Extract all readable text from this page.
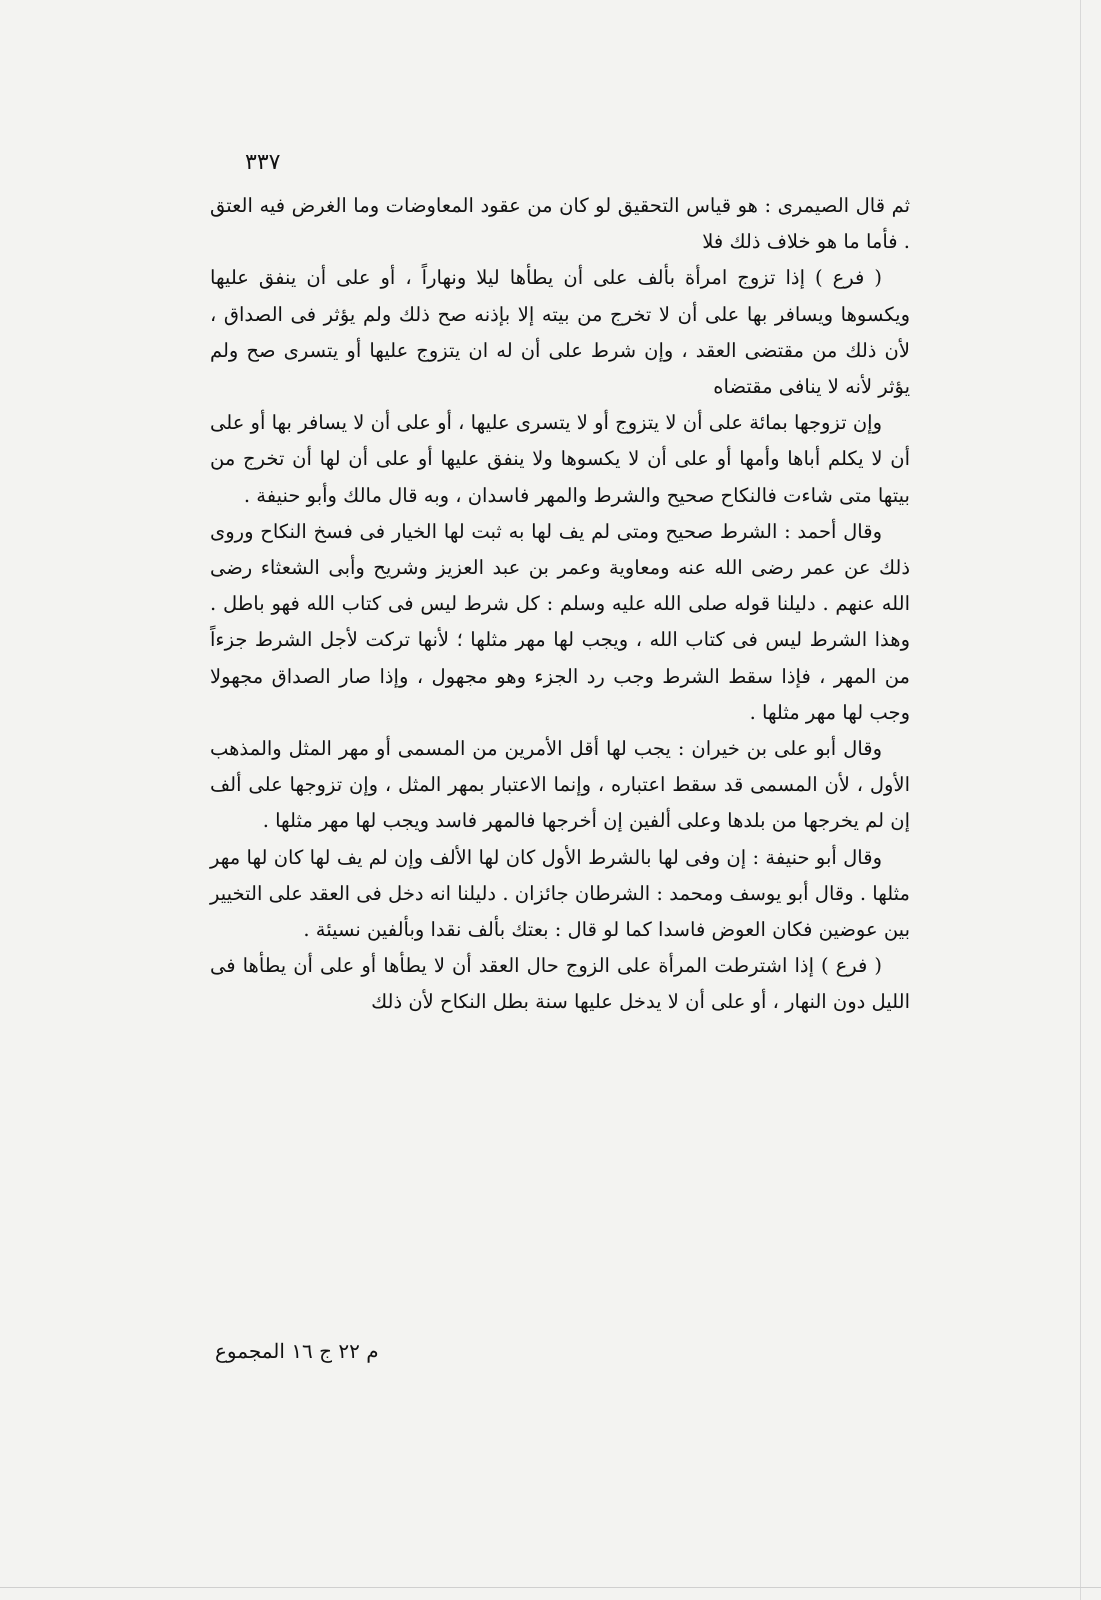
٣٣٧

ثم قال الصيمرى : هو قياس التحقيق لو كان من عقود المعاوضات وما الغرض فيه العتق . فأما ما هو خلاف ذلك فلا

( فرع ) إذا تزوج امرأة بألف على أن يطأها ليلا ونهاراً ، أو على أن ينفق عليها ويكسوها ويسافر بها على أن لا تخرج من بيته إلا بإذنه صح ذلك ولم يؤثر فى الصداق ، لأن ذلك من مقتضى العقد ، وإن شرط على أن له ان يتزوج عليها أو يتسرى صح ولم يؤثر لأنه لا ينافى مقتضاه

وإن تزوجها بمائة على أن لا يتزوج أو لا يتسرى عليها ، أو على أن لا يسافر بها أو على أن لا يكلم أباها وأمها أو على أن لا يكسوها ولا ينفق عليها أو على أن لها أن تخرج من بيتها متى شاءت فالنكاح صحيح والشرط والمهر فاسدان ، وبه قال مالك وأبو حنيفة .

وقال أحمد : الشرط صحيح ومتى لم يف لها به ثبت لها الخيار فى فسخ النكاح وروى ذلك عن عمر رضى الله عنه ومعاوية وعمر بن عبد العزيز وشريح وأبى الشعثاء رضى الله عنهم . دليلنا قوله صلى الله عليه وسلم : كل شرط ليس فى كتاب الله فهو باطل . وهذا الشرط ليس فى كتاب الله ، ويجب لها مهر مثلها ؛ لأنها تركت لأجل الشرط جزءاً من المهر ، فإذا سقط الشرط وجب رد الجزء وهو مجهول ، وإذا صار الصداق مجهولا وجب لها مهر مثلها .

وقال أبو على بن خيران : يجب لها أقل الأمرين من المسمى أو مهر المثل والمذهب الأول ، لأن المسمى قد سقط اعتباره ، وإنما الاعتبار بمهر المثل ، وإن تزوجها على ألف إن لم يخرجها من بلدها وعلى ألفين إن أخرجها فالمهر فاسد ويجب لها مهر مثلها .

وقال أبو حنيفة : إن وفى لها بالشرط الأول كان لها الألف وإن لم يف لها كان لها مهر مثلها . وقال أبو يوسف ومحمد : الشرطان جائزان . دليلنا انه دخل فى العقد على التخيير بين عوضين فكان العوض فاسدا كما لو قال : بعتك بألف نقدا وبألفين نسيئة .

( فرع ) إذا اشترطت المرأة على الزوج حال العقد أن لا يطأها أو على أن يطأها فى الليل دون النهار ، أو على أن لا يدخل عليها سنة بطل النكاح لأن ذلك

م ٢٢ ج ١٦ المجموع
